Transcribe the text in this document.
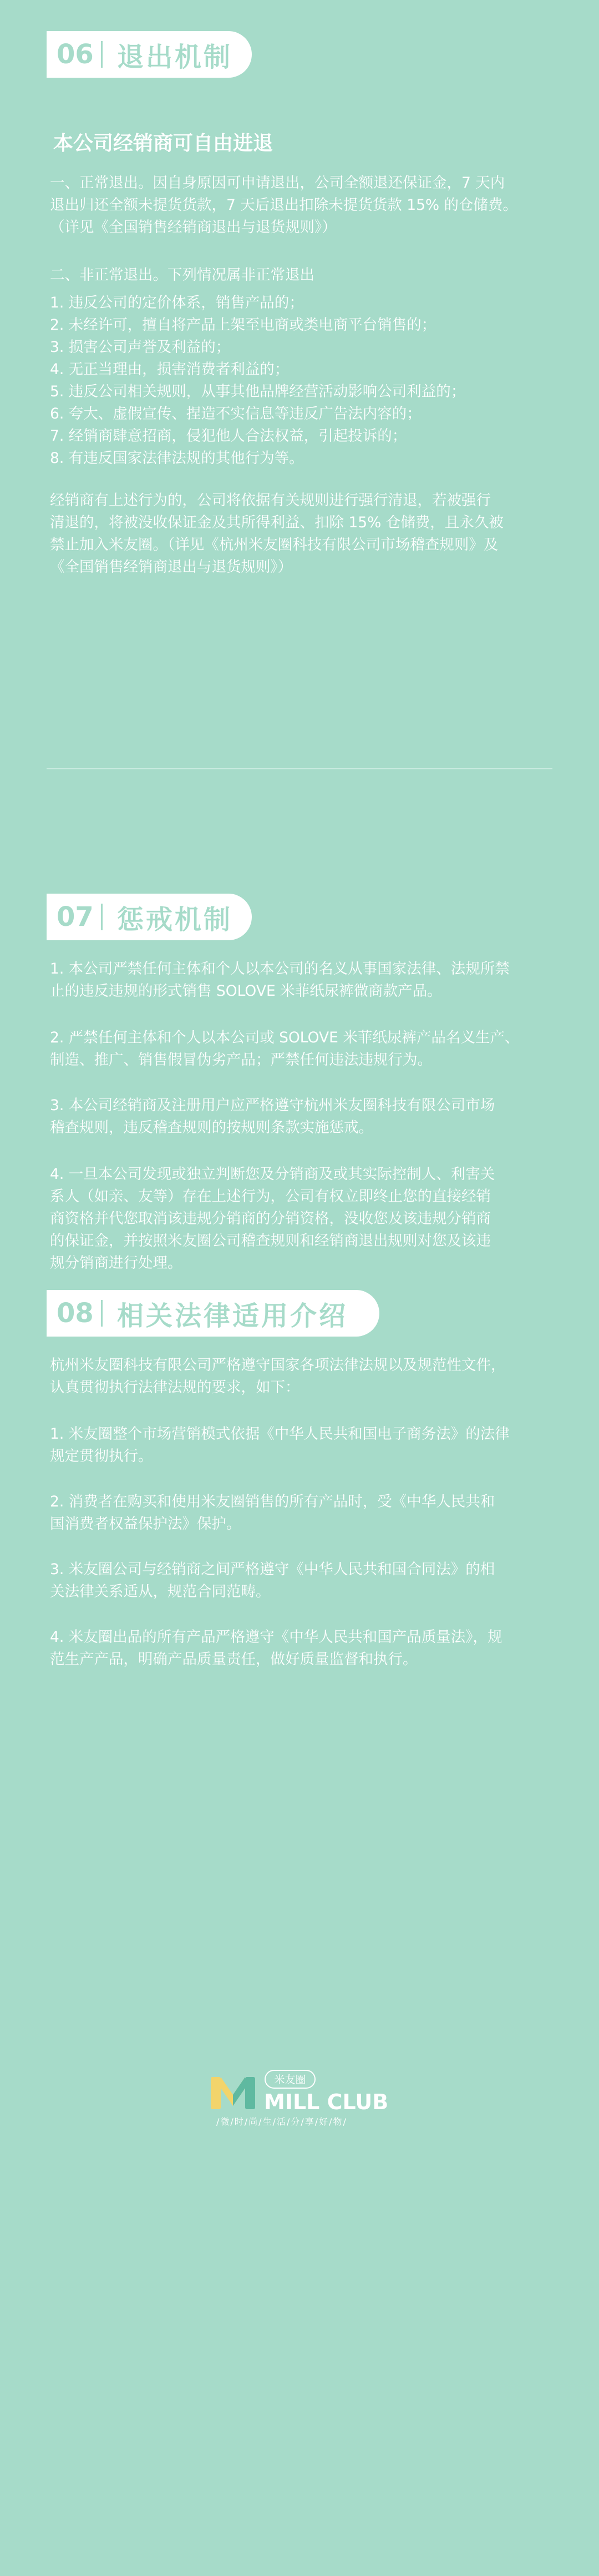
06 退出机制
本公司经销商可自由进退

一、正常退出。因自身原因可申请退出，公司全额退还保证金，7 天内

退出归还全额未提货货款，7 天后退出扣除未提货货款 15% 的仓储费。

（详见《全国销售经销商退出与退货规则》）

二、非正常退出。下列情况属非正常退出

1. 违反公司的定价体系，销售产品的；

2. 未经许可，擅自将产品上架至电商或类电商平台销售的；

3. 损害公司声誉及利益的；

4. 无正当理由，损害消费者利益的；

5. 违反公司相关规则，从事其他品牌经营活动影响公司利益的；

6. 夸大、虚假宣传、捏造不实信息等违反广告法内容的；

7. 经销商肆意招商，侵犯他人合法权益，引起投诉的；

8. 有违反国家法律法规的其他行为等。

经销商有上述行为的，公司将依据有关规则进行强行清退，若被强行

清退的，将被没收保证金及其所得利益、扣除 15% 仓储费，且永久被

禁止加入米友圈。（详见《杭州米友圈科技有限公司市场稽查规则》及

《全国销售经销商退出与退货规则》）

07 惩戒机制

1. 本公司严禁任何主体和个人以本公司的名义从事国家法律、法规所禁

止的违反违规的形式销售 SOLOVE 米菲纸尿裤微商款产品。

2. 严禁任何主体和个人以本公司或 SOLOVE 米菲纸尿裤产品名义生产、

制造、推广、销售假冒伪劣产品；严禁任何违法违规行为。

3. 本公司经销商及注册用户应严格遵守杭州米友圈科技有限公司市场

稽查规则，违反稽查规则的按规则条款实施惩戒。

4. 一旦本公司发现或独立判断您及分销商及或其实际控制人、利害关

系人（如亲、友等）存在上述行为，公司有权立即终止您的直接经销

商资格并代您取消该违规分销商的分销资格，没收您及该违规分销商

的保证金，并按照米友圈公司稽查规则和经销商退出规则对您及该违

规分销商进行处理。

08 相关法律适用介绍

杭州米友圈科技有限公司严格遵守国家各项法律法规以及规范性文件，

认真贯彻执行法律法规的要求，如下：

1. 米友圈整个市场营销模式依据《中华人民共和国电子商务法》的法律

规定贯彻执行。

2. 消费者在购买和使用米友圈销售的所有产品时，受《中华人民共和

国消费者权益保护法》保护。

3. 米友圈公司与经销商之间严格遵守《中华人民共和国合同法》的相

关法律关系适从，规范合同范畴。

4. 米友圈出品的所有产品严格遵守《中华人民共和国产品质量法》，规

范生产产品，明确产品质量责任，做好质量监督和执行。

米友圈
MILL CLUB
/微/时/尚/生/活/分/享/好/物/
